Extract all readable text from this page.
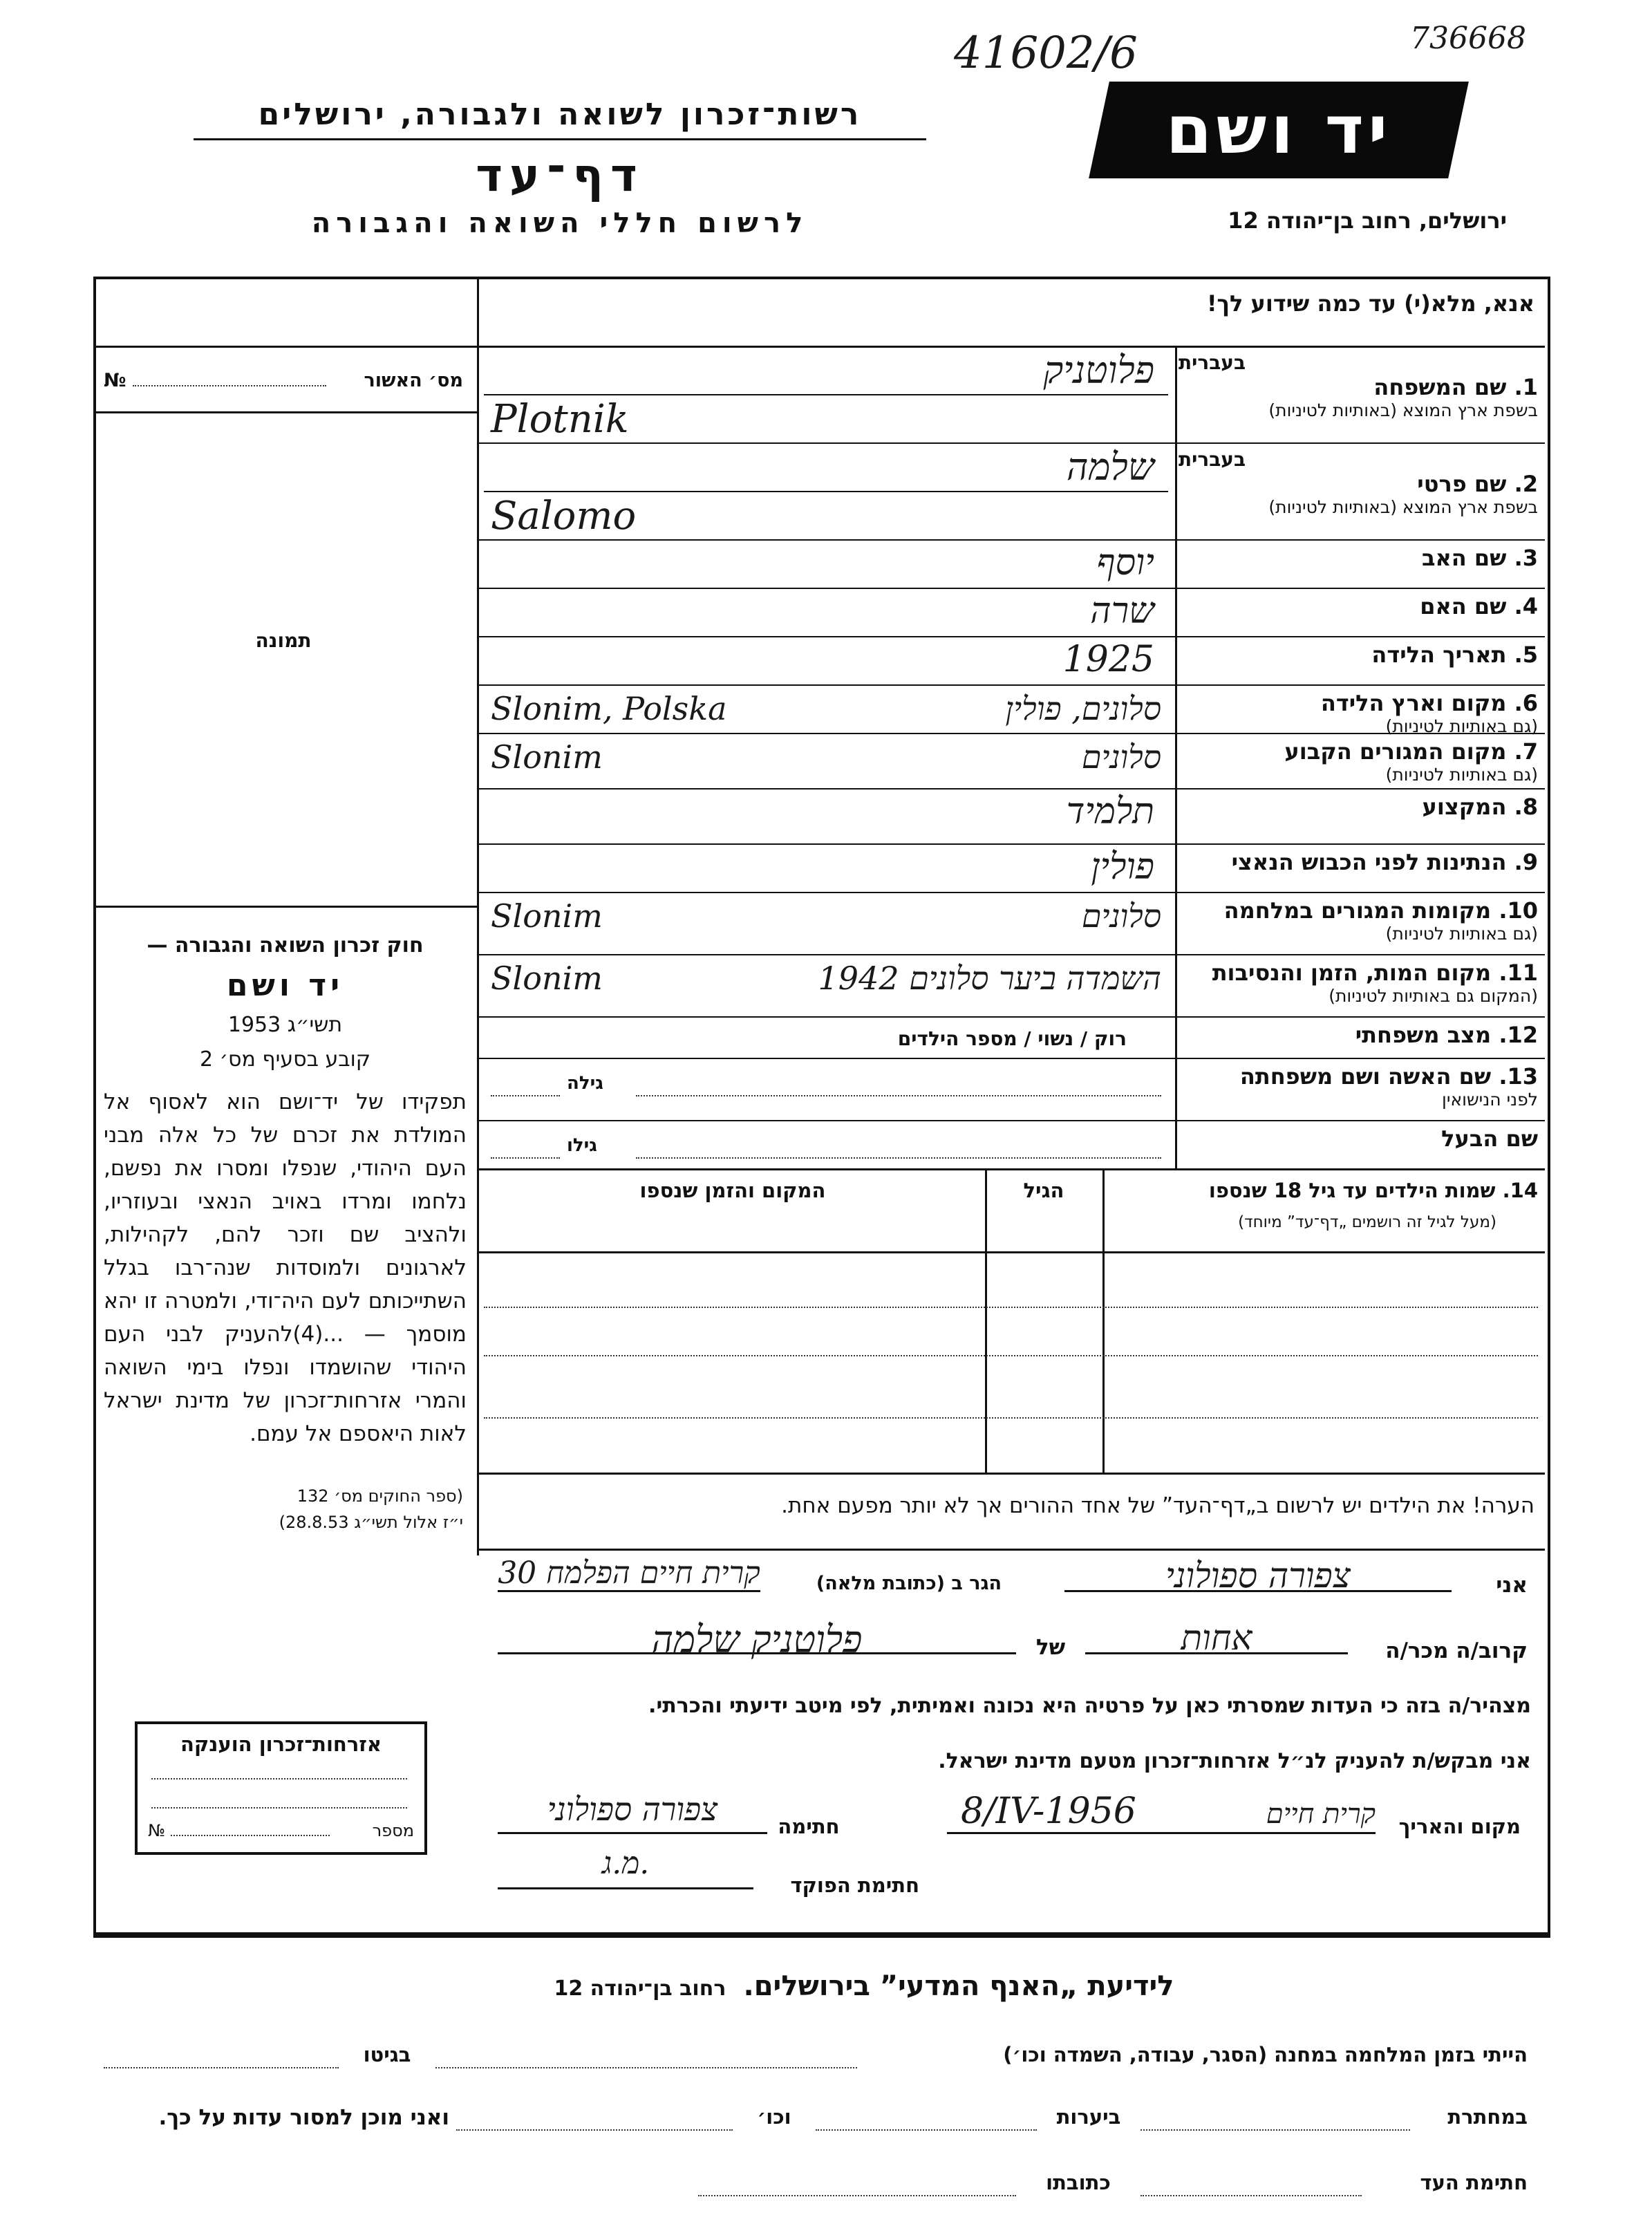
41602/6	736668
רשות־זכרון לשואה ולגבורה, ירושלים
דף־עד
לרשום חללי השואה והגבורה
יד ושם
ירושלים, רחוב בן־יהודה 12
אנא, מלא(י) עד כמה שידוע לך!
№	מס׳ האשור
תמונה
חוק זכרון השואה והגבורה —
יד ושם
תשי״ג 1953
קובע בסעיף מס׳ 2
תפקידו של יד־ושם הוא לאסוף אל המולדת את זכרם של כל אלה מבני העם היהודי, שנפלו ומסרו את נפשם, נלחמו ומרדו באויב הנאצי ובעוזריו, ולהציב שם וזכר להם, לקהילות, לארגונים ולמוסדות שנה־רבו בגלל השתייכותם לעם היה־ודי, ולמטרה זו יהא מוסמך — ...(4)להעניק לבני העם היהודי שהושמדו ונפלו בימי השואה והמרי אזרחות־זכרון של מדינת ישראל לאות היאספם אל עמם.
(ספר החוקים מס׳ 132
י״ז אלול תשי״ג 28.8.53)
בעברית
1. שם המשפחה
בשפת ארץ המוצא (באותיות לטיניות)
פלוטניק
Plotnik
בעברית
2. שם פרטי
בשפת ארץ המוצא (באותיות לטיניות)
שלמה
Salomo
3. שם האב
יוסף
4. שם האם
שרה
5. תאריך הלידה
1925
6. מקום וארץ הלידה
(גם באותיות לטיניות)
Slonim, Polska	סלונים, פולין
7. מקום המגורים הקבוע
(גם באותיות לטיניות)
Slonim	סלונים
8. המקצוע
תלמיד
9. הנתינות לפני הכבוש הנאצי
פולין
10. מקומות המגורים במלחמה
(גם באותיות לטיניות)
Slonim	סלונים
11. מקום המות, הזמן והנסיבות
(המקום גם באותיות לטיניות)
Slonim	השמדה ביער סלונים 1942
12. מצב משפחתי
רוק / נשוי / מספר הילדים
13. שם האשה ושם משפחתה
לפני הנישואין
גילה
שם הבעל
גילו
14. שמות הילדים עד גיל 18 שנספו
(מעל לגיל זה רושמים „דף־עד” מיוחד)
הגיל
המקום והזמן שנספו
הערה! את הילדים יש לרשום ב„דף־העד” של אחד ההורים אך לא יותר מפעם אחת.
אני
צפורה ספולוני
הגר ב (כתובת מלאה)
קרית חיים הפלמח 30
קרוב/ה מכר/ה
אחות
של
פלוטניק שלמה
מצהיר/ה בזה כי העדות שמסרתי כאן על פרטיה היא נכונה ואמיתית, לפי מיטב ידיעתי והכרתי.
אני מבקש/ת להעניק לנ״ל אזרחות־זכרון מטעם מדינת ישראל.
מקום והאריך
8/IV-1956	קרית חיים
חתימה
צפורה ספולוני
חתימת הפוקד
מ.ג.
אזרחות־זכרון הוענקה
№	מספר
לידיעת „האנף המדעי” בירושלים. רחוב בן־יהודה 12
הייתי בזמן המלחמה במחנה (הסגר, עבודה, השמדה וכו׳)
בגיטו
במחתרת
ביערות
וכו׳
ואני מוכן למסור עדות על כך.
חתימת העד
כתובתו
